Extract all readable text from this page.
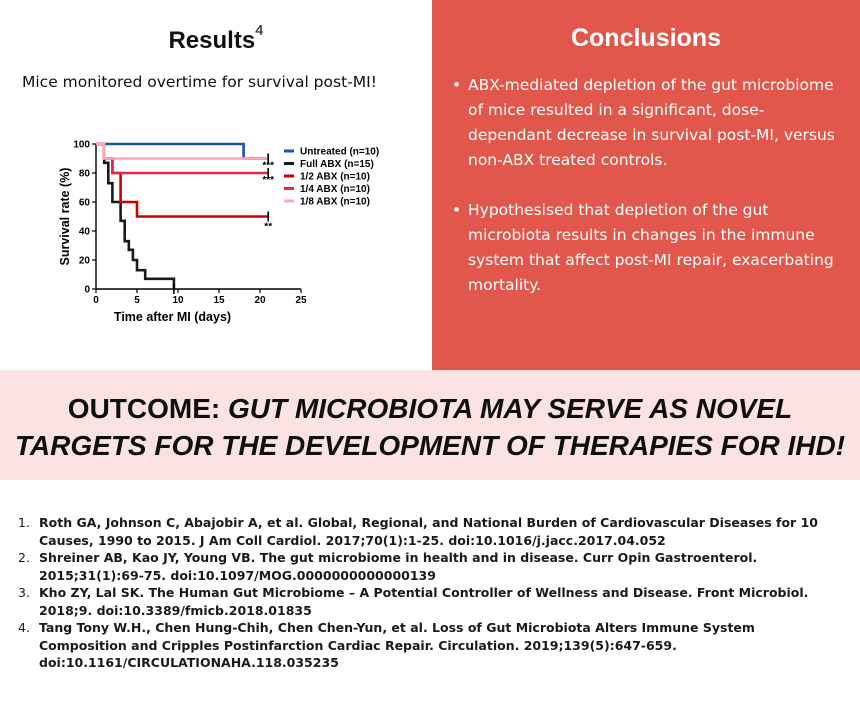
Results$^4$
Mice monitored overtime for survival post-MI!
0	5	10	15	20	25
0
20
40
60
80
100
Time after MI (days)
Survival rate (%)
Untreated (n=10)
Full ABX (n=15)
**
1/2 ABX (n=10)
***
1/4 ABX (n=10)
***
1/8 ABX (n=10)
Conclusions
• ABX-mediated depletion of the gut microbiome of mice resulted in a significant, dose-dependant decrease in survival post-MI, versus non-ABX treated controls.
• Hypothesised that depletion of the gut microbiota results in changes in the immune system that affect post-MI repair, exacerbating mortality.
OUTCOME: GUT MICROBIOTA MAY SERVE AS NOVEL TARGETS FOR THE DEVELOPMENT OF THERAPIES FOR IHD!
1. Roth GA, Johnson C, Abajobir A, et al. Global, Regional, and National Burden of Cardiovascular Diseases for 10 Causes, 1990 to 2015. J Am Coll Cardiol. 2017;70(1):1-25. doi:10.1016/j.jacc.2017.04.052
2. Shreiner AB, Kao JY, Young VB. The gut microbiome in health and in disease. Curr Opin Gastroenterol. 2015;31(1):69-75. doi:10.1097/MOG.0000000000000139
3. Kho ZY, Lal SK. The Human Gut Microbiome – A Potential Controller of Wellness and Disease. Front Microbiol. 2018;9. doi:10.3389/fmicb.2018.01835
4. Tang Tony W.H., Chen Hung-Chih, Chen Chen-Yun, et al. Loss of Gut Microbiota Alters Immune System Composition and Cripples Postinfarction Cardiac Repair. Circulation. 2019;139(5):647-659. doi:10.1161/CIRCULATIONAHA.118.035235
